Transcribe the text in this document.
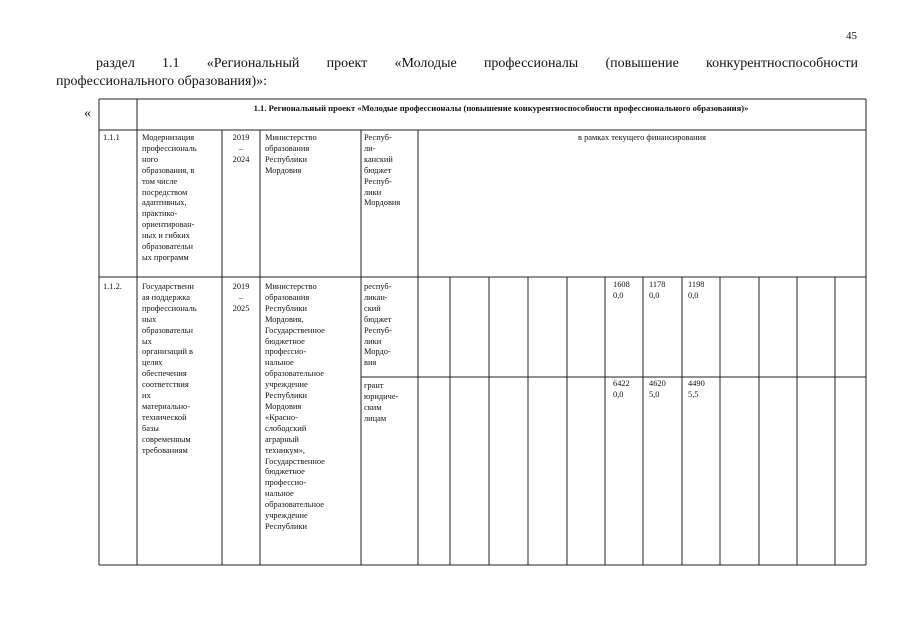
45
раздел 1.1 «Региональный проект «Молодые профессионалы (повышение конкурентноспособности
профессионального образования)»:
«	1.1. Региональный проект «Молодые профессионалы (повышение конкурентноспособности профессионального образования)»
1.1.1	Модернизация
профессиональ
ного
образования, в
том числе
посредством
адаптивных,
практико-
ориентирован-
ных и гибких
образовательн
ых программ
2019
–
2024
Министерство
образования
Республики
Мордовия
Респуб-
ли-
канский
бюджет
Респуб-
лики
Мордовия
в рамках текущего финансирования
1.1.2. Государственн
ая поддержка
профессиональ
ных
образовательн
ых
организаций в
целях
обеспечения
соответствия
их
материально-
технической
базы
современным
требованиям
2019
–
2025
Министерство
образования
Республики
Мордовия,
Государственное
бюджетное
профессио-
нальное
образовательное
учреждение
Республики
Мордовия
«Красно-
слободский
аграрный
техникум»,
Государственное
бюджетное
профессио-
нальное
образовательное
учреждение
Республики
респуб-
ликан-
ский
бюджет
Респуб-
лики
Мордо-
вия
грант
юридиче-
ским
лицам
1608
0,0
1178
0,0
1198
0,0
6422
0,0
4620
5,0
4490
5,5
